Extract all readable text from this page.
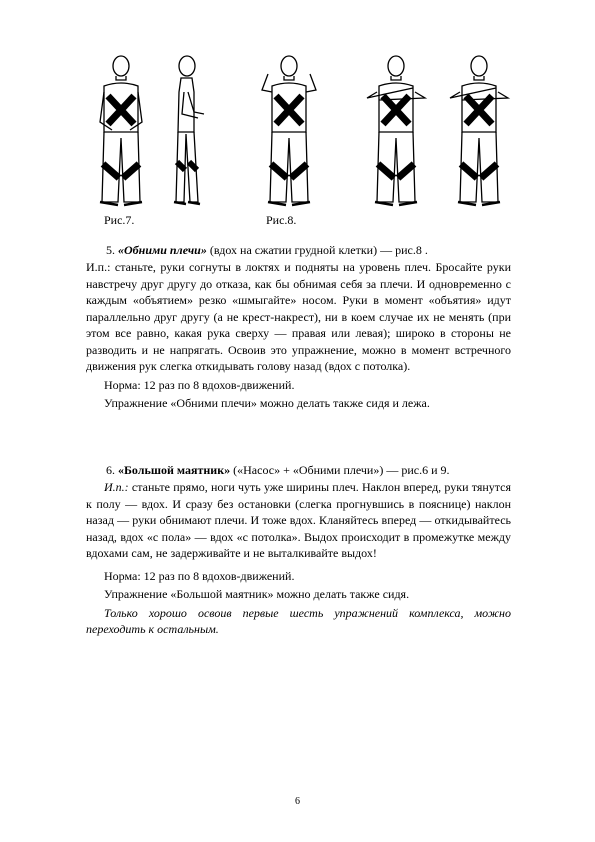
Рис.7.	Рис.8.

5. «Обними плечи» (вдох на сжатии грудной клетки) — рис.8 .

И.п.: станьте, руки согнуты в локтях и подняты на уровень плеч. Бросайте руки навстречу друг другу до отказа, как бы обнимая себя за плечи. И одновременно с каждым «объятием» резко «шмыгайте» носом. Руки в момент «объятия» идут параллельно друг другу (а не крест-накрест), ни в коем случае их не менять (при этом все равно, какая рука сверху — правая или левая); широко в стороны не разводить и не напрягать. Освоив это упражнение, можно в момент встречного движения рук слегка откидывать голову назад (вдох с потолка).

Норма: 12 раз по 8 вдохов-движений.

Упражнение «Обними плечи» можно делать также сидя и лежа.

6. «Большой маятник» («Насос» + «Обними плечи») — рис.6 и 9.

И.п.: станьте прямо, ноги чуть уже ширины плеч. Наклон вперед, руки тянутся к полу — вдох. И сразу без остановки (слегка прогнувшись в пояснице) наклон назад — руки обнимают плечи. И тоже вдох. Кланяйтесь вперед — откидывайтесь назад, вдох «с пола» — вдох «с потолка». Выдох происходит в промежутке между вдохами сам, не задерживайте и не выталкивайте выдох!

Норма: 12 раз по 8 вдохов-движений.

Упражнение «Большой маятник» можно делать также сидя.

Только хорошо освоив первые шесть упражнений комплекса, можно переходить к остальным.

6
